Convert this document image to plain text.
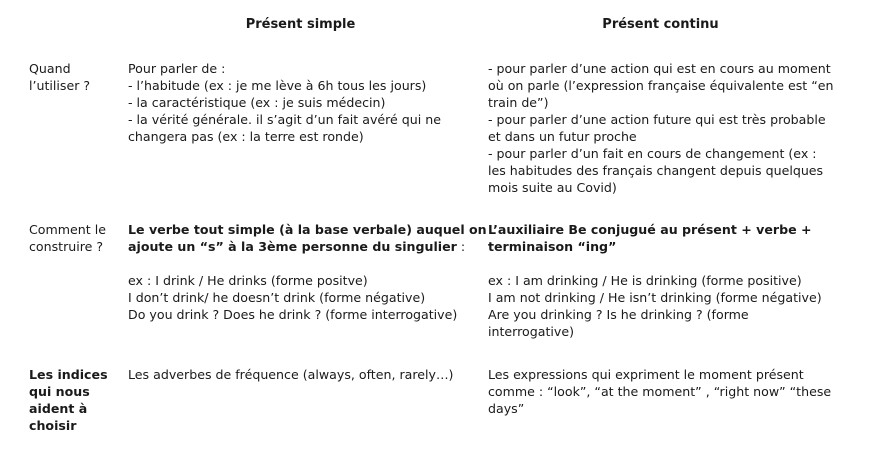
Présent simple	Présent continu
Quand
l’utiliser ?
Pour parler de :
- l’habitude (ex : je me lève à 6h tous les jours)
- la caractéristique (ex : je suis médecin)
- la vérité générale. il s’agit d’un fait avéré qui ne
changera pas (ex : la terre est ronde)
- pour parler d’une action qui est en cours au moment
où on parle (l’expression française équivalente est “en
train de”)
- pour parler d’une action future qui est très probable
et dans un futur proche
- pour parler d’un fait en cours de changement (ex :
les habitudes des français changent depuis quelques
mois suite au Covid)
Comment le
construire ?
Le verbe tout simple (à la base verbale) auquel on
ajoute un “s” à la 3ème personne du singulier :
ex : I drink / He drinks (forme positve)
I don’t drink/ he doesn’t drink (forme négative)
Do you drink ? Does he drink ? (forme interrogative)
L’auxiliaire Be conjugué au présent + verbe +
terminaison “ing”
ex : I am drinking / He is drinking (forme positive)
I am not drinking / He isn’t drinking (forme négative)
Are you drinking ? Is he drinking ? (forme
interrogative)
Les indices
qui nous
aident à
choisir
Les adverbes de fréquence (always, often, rarely…)	Les expressions qui expriment le moment présent
comme : “look”, “at the moment” , “right now” “these
days”
